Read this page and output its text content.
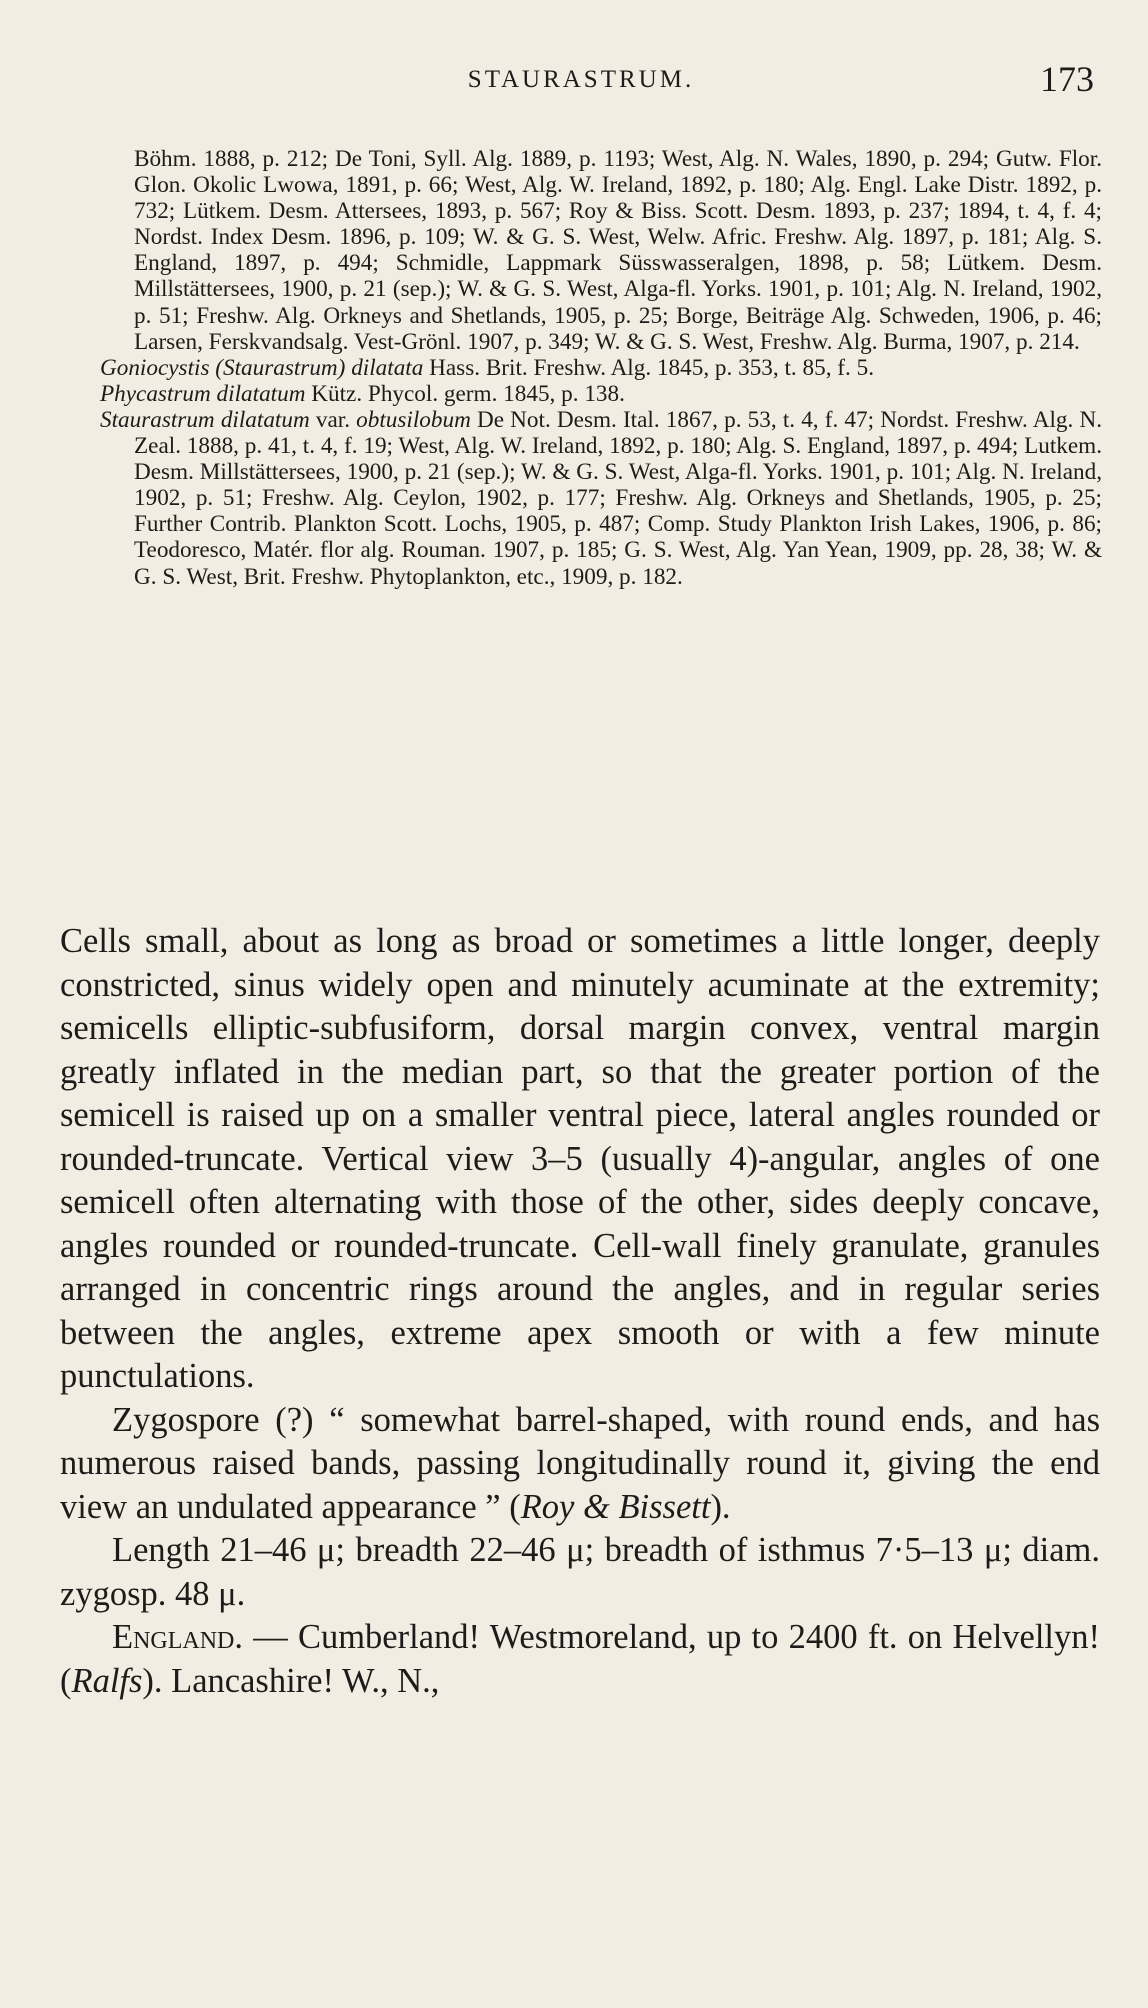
STAURASTRUM.	173

Böhm. 1888, p. 212; De Toni, Syll. Alg. 1889, p. 1193; West, Alg. N. Wales, 1890, p. 294; Gutw. Flor. Glon. Okolic Lwowa, 1891, p. 66; West, Alg. W. Ireland, 1892, p. 180; Alg. Engl. Lake Distr. 1892, p. 732; Lütkem. Desm. Attersees, 1893, p. 567; Roy & Biss. Scott. Desm. 1893, p. 237; 1894, t. 4, f. 4; Nordst. Index Desm. 1896, p. 109; W. & G. S. West, Welw. Afric. Freshw. Alg. 1897, p. 181; Alg. S. England, 1897, p. 494; Schmidle, Lappmark Süsswasseralgen, 1898, p. 58; Lütkem. Desm. Millstättersees, 1900, p. 21 (sep.); W. & G. S. West, Alga-fl. Yorks. 1901, p. 101; Alg. N. Ireland, 1902, p. 51; Freshw. Alg. Orkneys and Shetlands, 1905, p. 25; Borge, Beiträge Alg. Schweden, 1906, p. 46; Larsen, Ferskvandsalg. Vest-Grönl. 1907, p. 349; W. & G. S. West, Freshw. Alg. Burma, 1907, p. 214.

Goniocystis (Staurastrum) dilatata Hass. Brit. Freshw. Alg. 1845, p. 353, t. 85, f. 5.

Phycastrum dilatatum Kütz. Phycol. germ. 1845, p. 138.

Staurastrum dilatatum var. obtusilobum De Not. Desm. Ital. 1867, p. 53, t. 4, f. 47; Nordst. Freshw. Alg. N. Zeal. 1888, p. 41, t. 4, f. 19; West, Alg. W. Ireland, 1892, p. 180; Alg. S. England, 1897, p. 494; Lutkem. Desm. Millstättersees, 1900, p. 21 (sep.); W. & G. S. West, Alga-fl. Yorks. 1901, p. 101; Alg. N. Ireland, 1902, p. 51; Freshw. Alg. Ceylon, 1902, p. 177; Freshw. Alg. Orkneys and Shetlands, 1905, p. 25; Further Contrib. Plankton Scott. Lochs, 1905, p. 487; Comp. Study Plankton Irish Lakes, 1906, p. 86; Teodoresco, Matér. flor alg. Rouman. 1907, p. 185; G. S. West, Alg. Yan Yean, 1909, pp. 28, 38; W. & G. S. West, Brit. Freshw. Phytoplankton, etc., 1909, p. 182.

Cells small, about as long as broad or sometimes a little longer, deeply constricted, sinus widely open and minutely acuminate at the extremity; semicells elliptic-subfusiform, dorsal margin convex, ventral margin greatly inflated in the median part, so that the greater portion of the semicell is raised up on a smaller ventral piece, lateral angles rounded or rounded-truncate. Vertical view 3–5 (usually 4)-angular, angles of one semicell often alternating with those of the other, sides deeply concave, angles rounded or rounded-truncate. Cell-wall finely granulate, granules arranged in concentric rings around the angles, and in regular series between the angles, extreme apex smooth or with a few minute punctulations.

Zygospore (?) “ somewhat barrel-shaped, with round ends, and has numerous raised bands, passing longitudinally round it, giving the end view an undulated appearance ” (Roy & Bissett).

Length 21–46 μ; breadth 22–46 μ; breadth of isthmus 7·5–13 μ; diam. zygosp. 48 μ.

England. — Cumberland! Westmoreland, up to 2400 ft. on Helvellyn! (Ralfs). Lancashire! W., N.,
